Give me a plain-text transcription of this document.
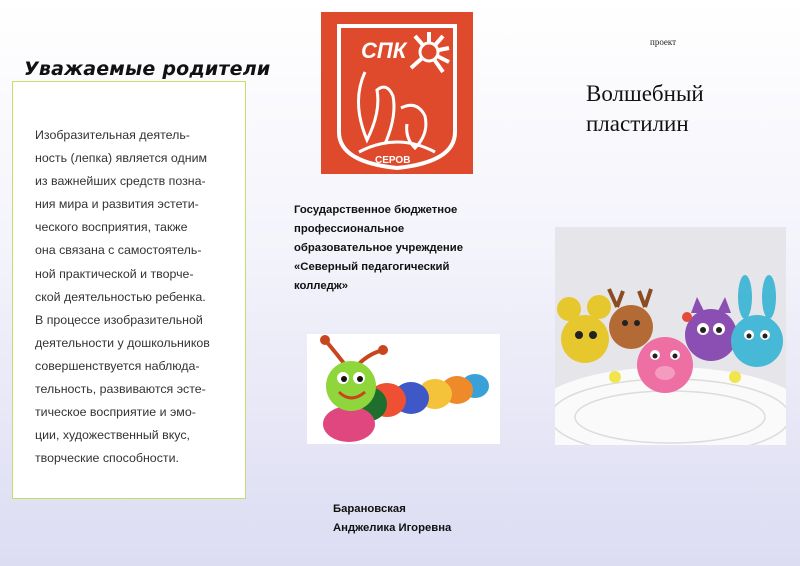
Уважаемые родители
Изобразительная деятель-
ность (лепка) является одним
из важнейших средств позна-
ния мира и развития эстети-
ческого восприятия, также
она связана с самостоятель-
ной практической и творче-
ской деятельностью ребенка.
В процессе изобразительной
деятельности у дошкольников
совершенствуется наблюда-
тельность, развиваются эсте-
тическое восприятие и эмо-
ции, художественный вкус,
творческие способности.
СПК
СЕРОВ
Государственное бюджетное
профессиональное
образовательное учреждение
«Северный педагогический
колледж»
Барановская
Анджелика Игоревна
проект
Волшебный
пластилин
